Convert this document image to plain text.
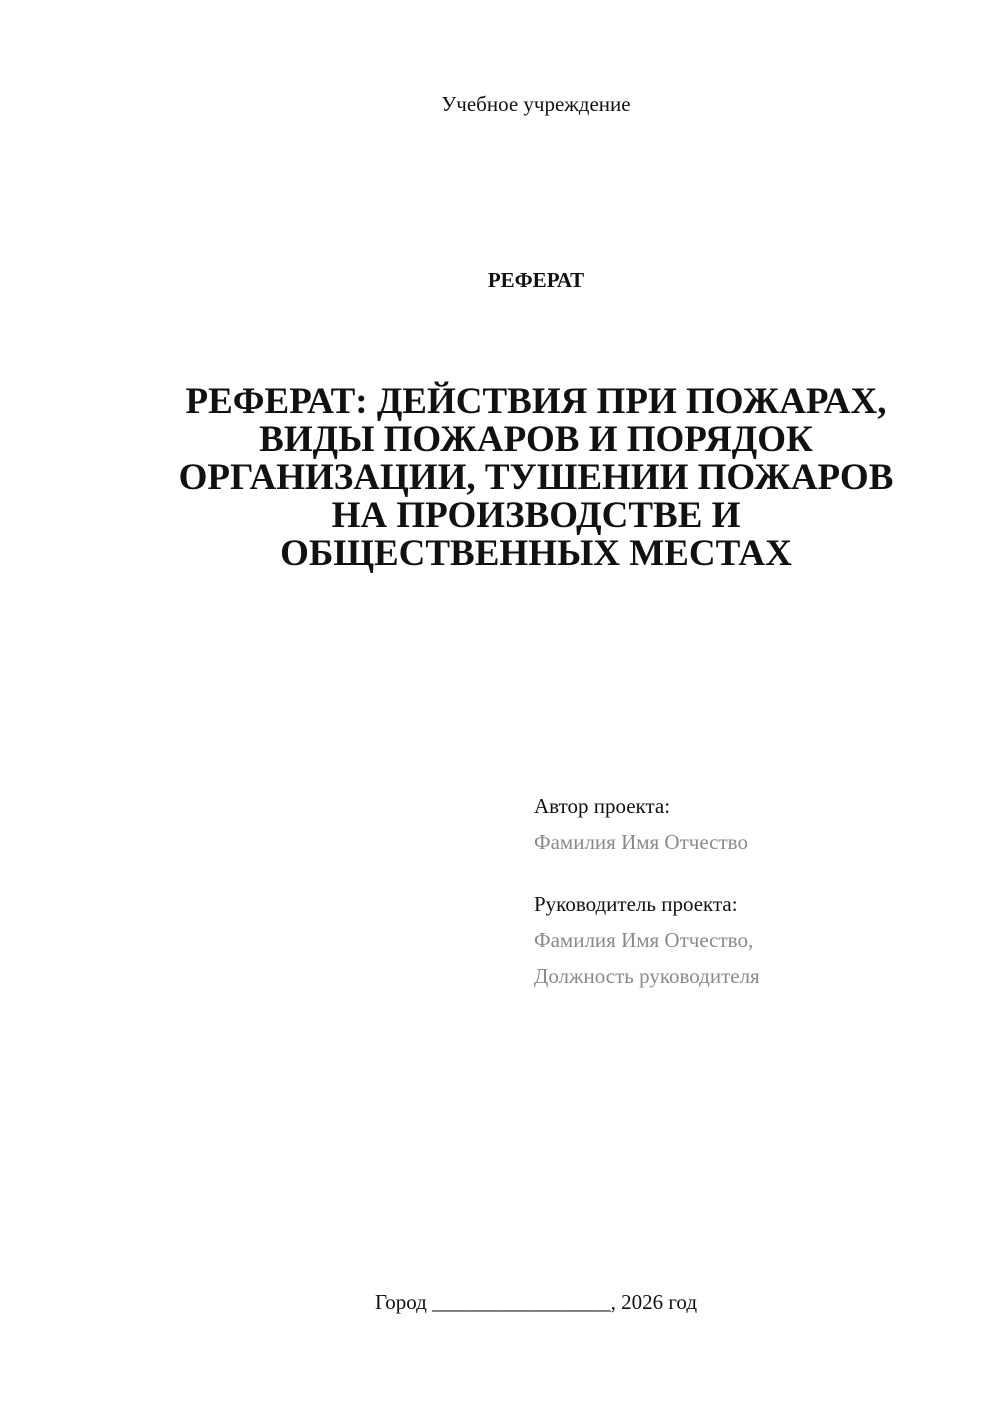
Учебное учреждение
РЕФЕРАТ
РЕФЕРАТ: ДЕЙСТВИЯ ПРИ ПОЖАРАХ,
ВИДЫ ПОЖАРОВ И ПОРЯДОК
ОРГАНИЗАЦИИ, ТУШЕНИИ ПОЖАРОВ
НА ПРОИЗВОДСТВЕ И
ОБЩЕСТВЕННЫХ МЕСТАХ
Автор проекта:
Фамилия Имя Отчество
Руководитель проекта:
Фамилия Имя Отчество,
Должность руководителя
Город _________________, 2026 год
